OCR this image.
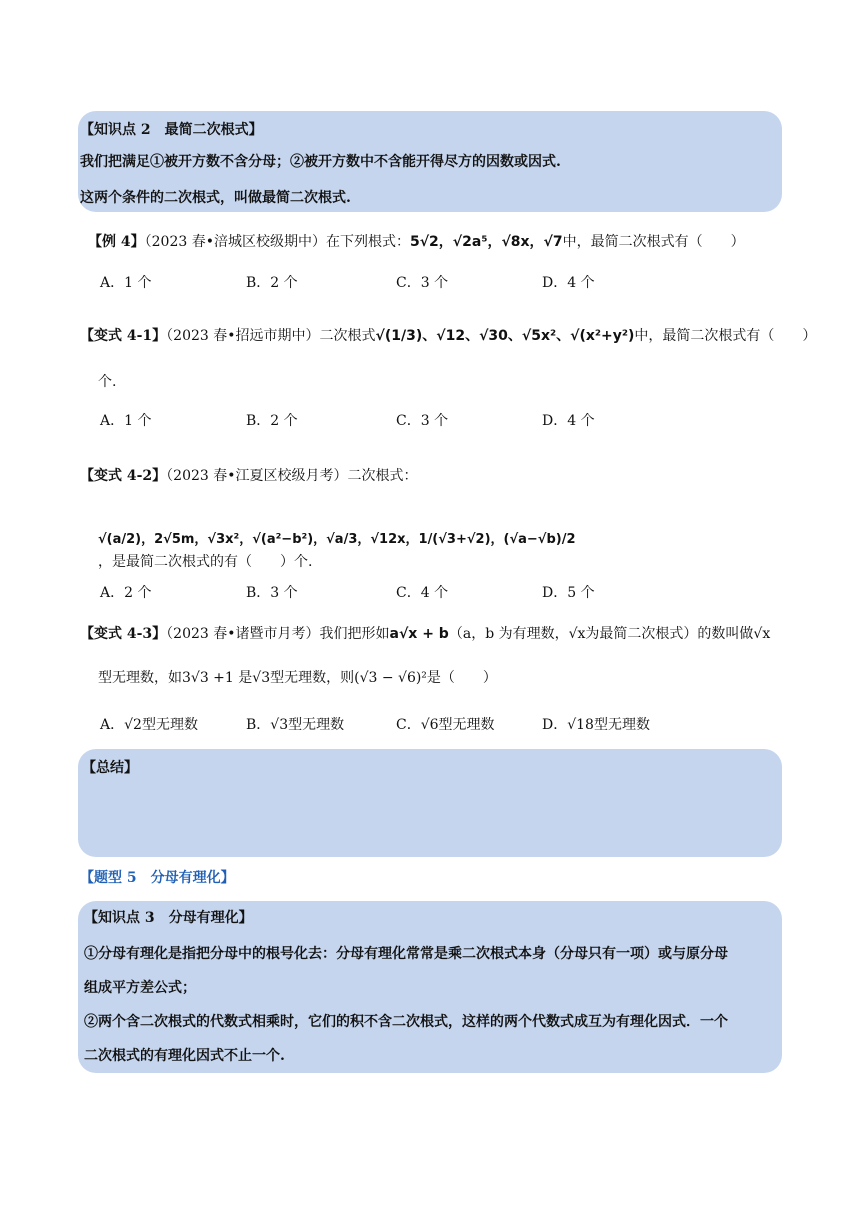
【知识点 2　最简二次根式】
我们把满足①被开方数不含分母；②被开方数中不含能开得尽方的因数或因式.
这两个条件的二次根式，叫做最简二次根式.
【例 4】（2023 春•涪城区校级期中）在下列根式：5√2，√2a⁵，√8x，√7中，最简二次根式有（　　）
A．1 个	B．2 个	C．3 个	D．4 个
【变式 4-1】（2023 春•招远市期中）二次根式√(1/3)、√12、√30、√5x²、√(x²+y²)中，最简二次根式有（　　）
个.
A．1 个	B．2 个	C．3 个	D．4 个
【变式 4-2】（2023 春•江夏区校级月考）二次根式：
√(a/2)，2√5m，√3x²，√(a²−b²)，√a/3，√12x，1/(√3+√2)，(√a−√b)/2
，是最简二次根式的有（　　）个.
A．2 个	B．3 个	C．4 个	D．5 个
【变式 4-3】（2023 春•诸暨市月考）我们把形如a√x + b（a，b 为有理数，√x为最简二次根式）的数叫做√x
型无理数，如3√3 +1 是√3型无理数，则(√3 − √6)²是（　　）
A．√2型无理数	B．√3型无理数	C．√6型无理数	D．√18型无理数
【总结】
【题型 5　分母有理化】
【知识点 3　分母有理化】
①分母有理化是指把分母中的根号化去：分母有理化常常是乘二次根式本身（分母只有一项）或与原分母
组成平方差公式；
②两个含二次根式的代数式相乘时，它们的积不含二次根式，这样的两个代数式成互为有理化因式．一个
二次根式的有理化因式不止一个.
